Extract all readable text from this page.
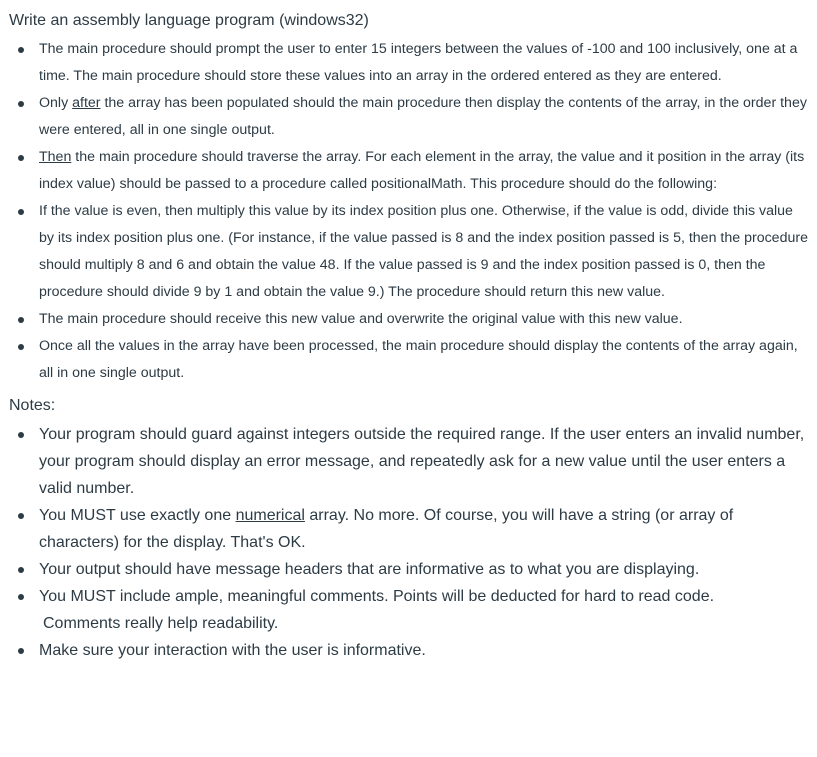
Write an assembly language program (windows32)
The main procedure should prompt the user to enter 15 integers between the values of -100 and 100 inclusively, one at a time. The main procedure should store these values into an array in the ordered entered as they are entered.
Only after the array has been populated should the main procedure then display the contents of the array, in the order they were entered, all in one single output.
Then the main procedure should traverse the array. For each element in the array, the value and it position in the array (its index value) should be passed to a procedure called positionalMath. This procedure should do the following:
If the value is even, then multiply this value by its index position plus one. Otherwise, if the value is odd, divide this value by its index position plus one. (For instance, if the value passed is 8 and the index position passed is 5, then the procedure should multiply 8 and 6 and obtain the value 48. If the value passed is 9 and the index position passed is 0, then the procedure should divide 9 by 1 and obtain the value 9.) The procedure should return this new value.
The main procedure should receive this new value and overwrite the original value with this new value.
Once all the values in the array have been processed, the main procedure should display the contents of the array again, all in one single output.
Notes:
Your program should guard against integers outside the required range. If the user enters an invalid number, your program should display an error message, and repeatedly ask for a new value until the user enters a valid number.
You MUST use exactly one numerical array. No more. Of course, you will have a string (or array of characters) for the display. That's OK.
Your output should have message headers that are informative as to what you are displaying.
You MUST include ample, meaningful comments. Points will be deducted for hard to read code.
Comments really help readability.
Make sure your interaction with the user is informative.
